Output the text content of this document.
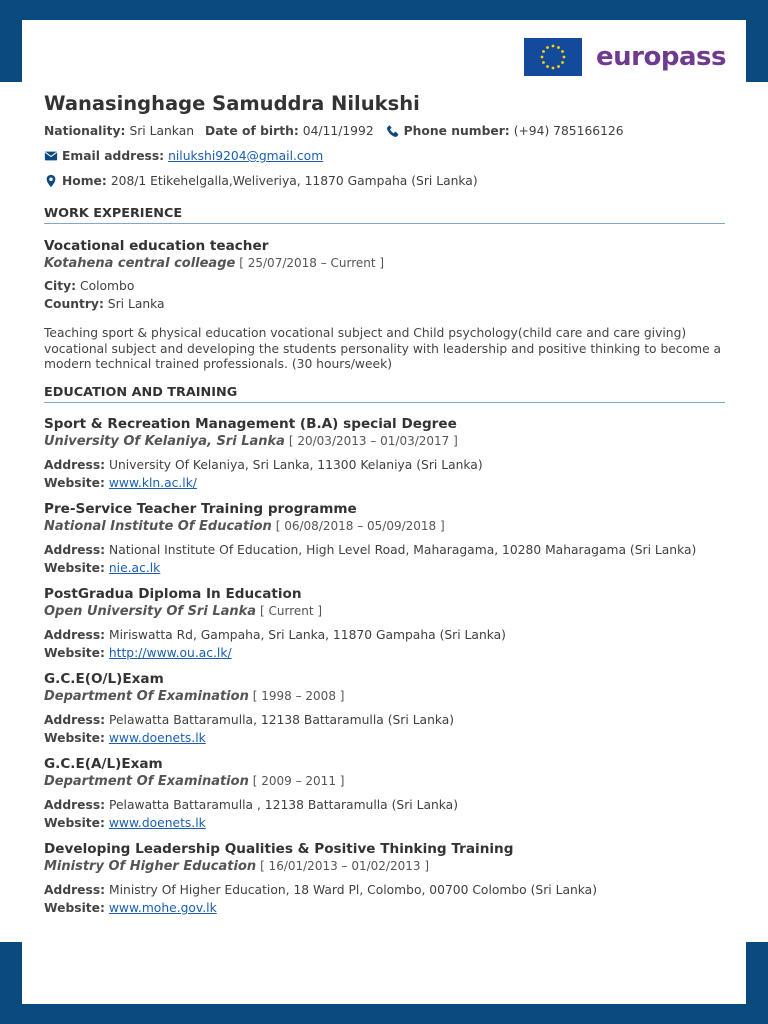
europass
Wanasinghage Samuddra Nilukshi
Nationality: Sri Lankan Date of birth: 04/11/1992 Phone number: (+94) 785166126
Email address: nilukshi9204@gmail.com
Home: 208/1 Etikehelgalla,Weliveriya, 11870 Gampaha (Sri Lanka)
WORK EXPERIENCE
Vocational education teacher
Kotahena central colleage [ 25/07/2018 – Current ]
City: Colombo
Country: Sri Lanka
Teaching sport & physical education vocational subject and Child psychology(child care and care giving) vocational subject and developing the students personality with leadership and positive thinking to become a modern technical trained professionals. (30 hours/week)
EDUCATION AND TRAINING
Sport & Recreation Management (B.A) special Degree
University Of Kelaniya, Sri Lanka [ 20/03/2013 – 01/03/2017 ]
Address: University Of Kelaniya, Sri Lanka, 11300 Kelaniya (Sri Lanka)
Website: www.kln.ac.lk/
Pre-Service Teacher Training programme
National Institute Of Education [ 06/08/2018 – 05/09/2018 ]
Address: National Institute Of Education, High Level Road, Maharagama, 10280 Maharagama (Sri Lanka)
Website: nie.ac.lk
PostGradua Diploma In Education
Open University Of Sri Lanka [ Current ]
Address: Miriswatta Rd, Gampaha, Sri Lanka, 11870 Gampaha (Sri Lanka)
Website: http://www.ou.ac.lk/
G.C.E(O/L)Exam
Department Of Examination [ 1998 – 2008 ]
Address: Pelawatta Battaramulla, 12138 Battaramulla (Sri Lanka)
Website: www.doenets.lk
G.C.E(A/L)Exam
Department Of Examination [ 2009 – 2011 ]
Address: Pelawatta Battaramulla , 12138 Battaramulla (Sri Lanka)
Website: www.doenets.lk
Developing Leadership Qualities & Positive Thinking Training
Ministry Of Higher Education [ 16/01/2013 – 01/02/2013 ]
Address: Ministry Of Higher Education, 18 Ward Pl, Colombo, 00700 Colombo (Sri Lanka)
Website: www.mohe.gov.lk
